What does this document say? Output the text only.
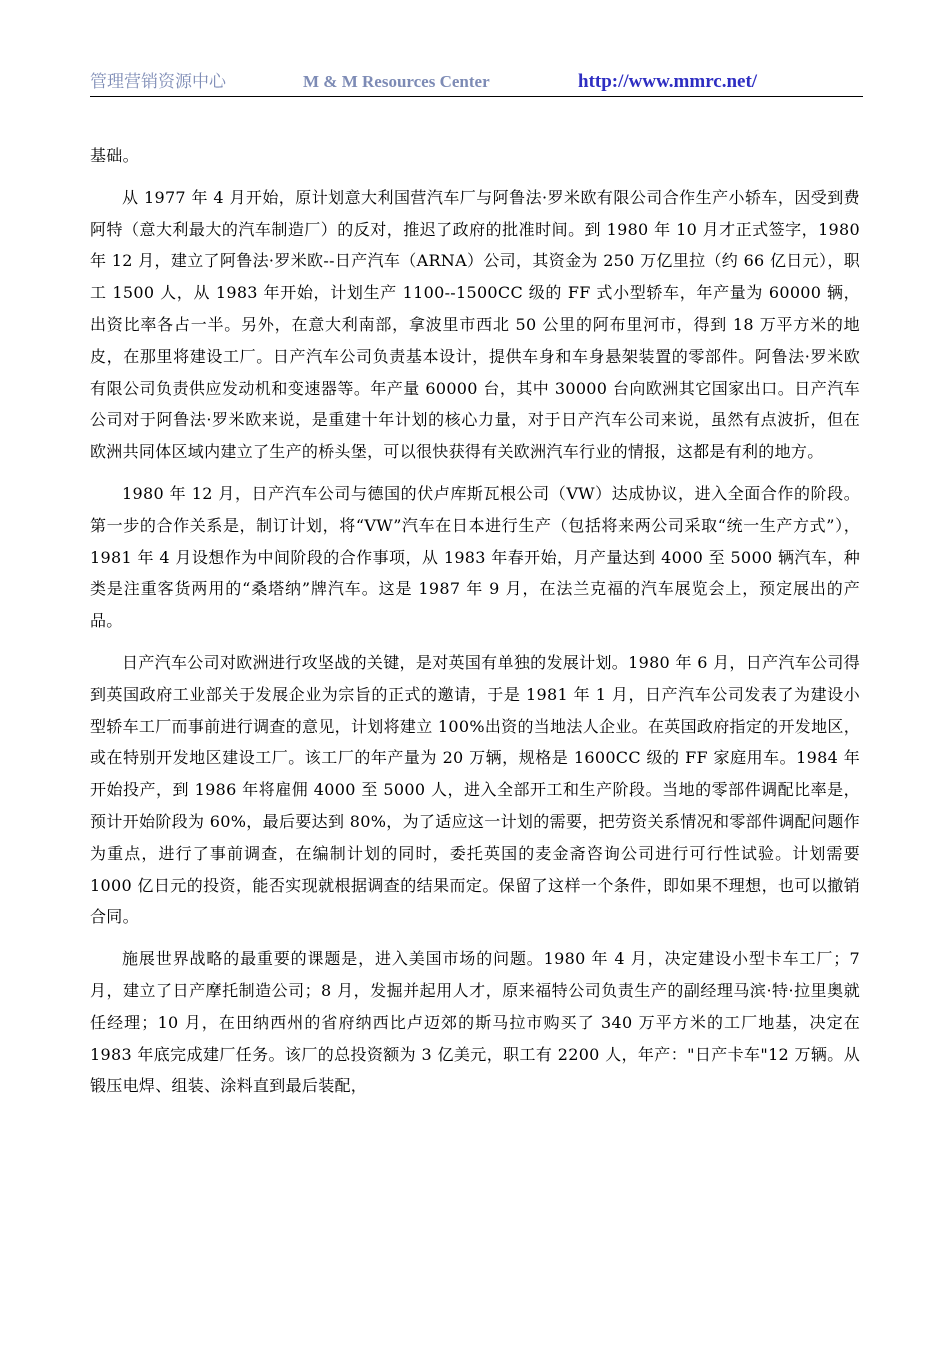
管理营销资源中心	M & M Resources Center	http://www.mmrc.net/

基础。

从 1977 年 4 月开始，原计划意大利国营汽车厂与阿鲁法·罗米欧有限公司合作生产小轿车，因受到费阿特（意大利最大的汽车制造厂）的反对，推迟了政府的批准时间。到 1980 年 10 月才正式签字，1980 年 12 月，建立了阿鲁法·罗米欧--日产汽车（ARNA）公司，其资金为 250 万亿里拉（约 66 亿日元），职工 1500 人，从 1983 年开始，计划生产 1100--1500CC 级的 FF 式小型轿车，年产量为 60000 辆，出资比率各占一半。另外，在意大利南部，拿波里市西北 50 公里的阿布里河市，得到 18 万平方米的地皮，在那里将建设工厂。日产汽车公司负责基本设计，提供车身和车身悬架装置的零部件。阿鲁法·罗米欧有限公司负责供应发动机和变速器等。年产量 60000 台，其中 30000 台向欧洲其它国家出口。日产汽车公司对于阿鲁法·罗米欧来说，是重建十年计划的核心力量，对于日产汽车公司来说，虽然有点波折，但在欧洲共同体区域内建立了生产的桥头堡，可以很快获得有关欧洲汽车行业的情报，这都是有利的地方。

1980 年 12 月，日产汽车公司与德国的伏卢库斯瓦根公司（VW）达成协议，进入全面合作的阶段。第一步的合作关系是，制订计划，将“VW”汽车在日本进行生产（包括将来两公司采取“统一生产方式”），1981 年 4 月设想作为中间阶段的合作事项，从 1983 年春开始，月产量达到 4000 至 5000 辆汽车，种类是注重客货两用的“桑塔纳”牌汽车。这是 1987 年 9 月，在法兰克福的汽车展览会上，预定展出的产品。

日产汽车公司对欧洲进行攻坚战的关键，是对英国有单独的发展计划。1980 年 6 月，日产汽车公司得到英国政府工业部关于发展企业为宗旨的正式的邀请，于是 1981 年 1 月，日产汽车公司发表了为建设小型轿车工厂而事前进行调查的意见，计划将建立 100%出资的当地法人企业。在英国政府指定的开发地区，或在特别开发地区建设工厂。该工厂的年产量为 20 万辆，规格是 1600CC 级的 FF 家庭用车。1984 年开始投产，到 1986 年将雇佣 4000 至 5000 人，进入全部开工和生产阶段。当地的零部件调配比率是，预计开始阶段为 60%，最后要达到 80%，为了适应这一计划的需要，把劳资关系情况和零部件调配问题作为重点，进行了事前调查，在编制计划的同时，委托英国的麦金斋咨询公司进行可行性试验。计划需要 1000 亿日元的投资，能否实现就根据调查的结果而定。保留了这样一个条件，即如果不理想，也可以撤销合同。

施展世界战略的最重要的课题是，进入美国市场的问题。1980 年 4 月，决定建设小型卡车工厂；7 月，建立了日产摩托制造公司；8 月，发掘并起用人才，原来福特公司负责生产的副经理马滨·特·拉里奥就任经理；10 月，在田纳西州的省府纳西比卢迈郊的斯马拉市购买了 340 万平方米的工厂地基，决定在 1983 年底完成建厂任务。该厂的总投资额为 3 亿美元，职工有 2200 人，年产："日产卡车"12 万辆。从锻压电焊、组装、涂料直到最后装配，
